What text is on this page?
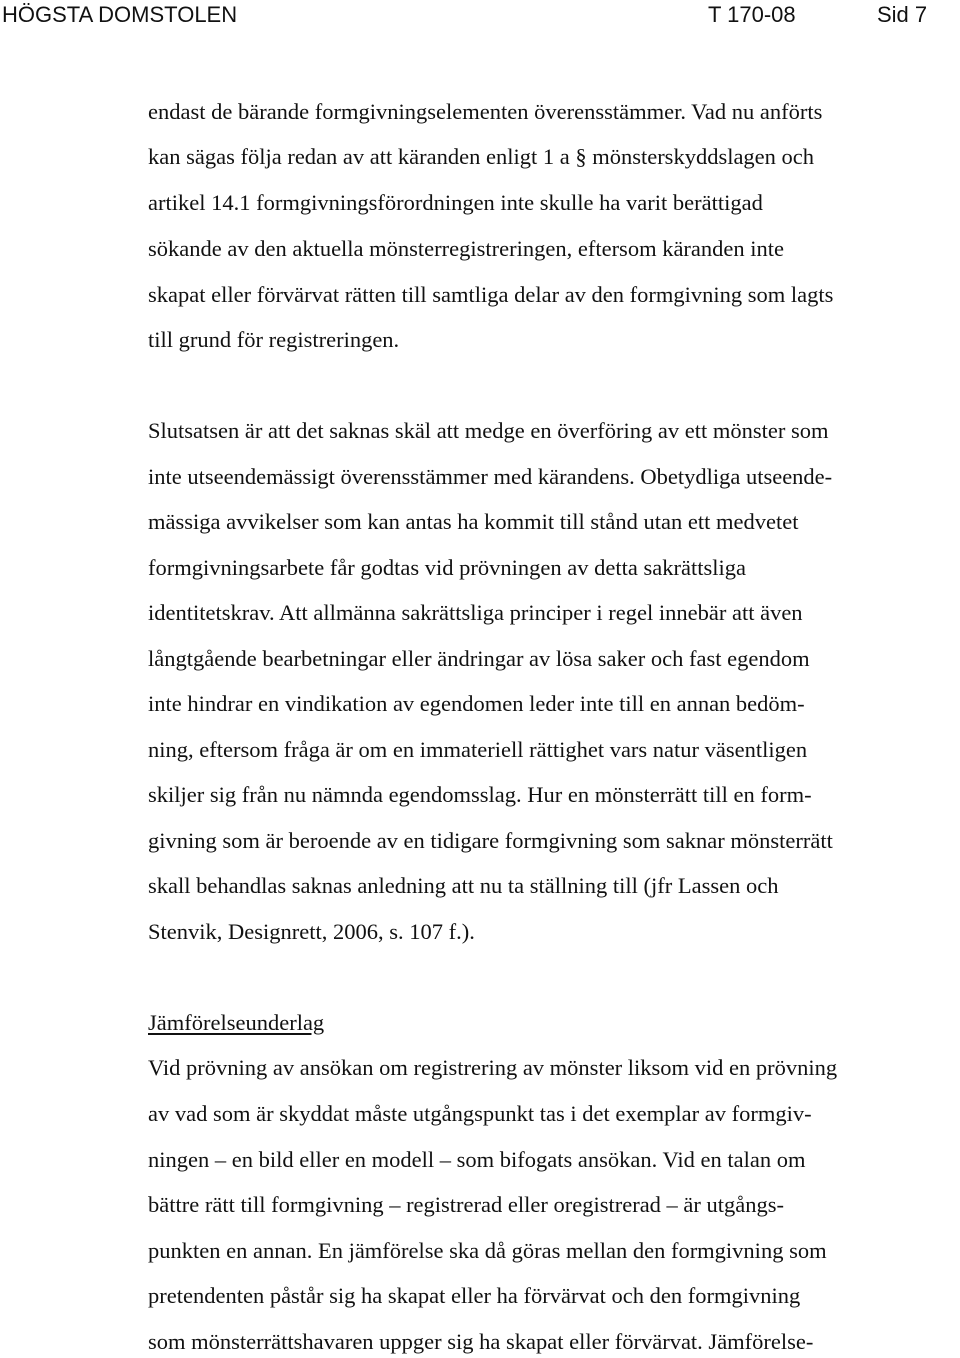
HÖGSTA DOMSTOLEN	T 170-08	Sid 7
endast de bärande formgivningselementen överensstämmer. Vad nu anförts
kan sägas följa redan av att käranden enligt 1 a § mönsterskyddslagen och
artikel 14.1 formgivningsförordningen inte skulle ha varit berättigad
sökande av den aktuella mönsterregistreringen, eftersom käranden inte
skapat eller förvärvat rätten till samtliga delar av den formgivning som lagts
till grund för registreringen.
Slutsatsen är att det saknas skäl att medge en överföring av ett mönster som
inte utseendemässigt överensstämmer med kärandens. Obetydliga utseende-
mässiga avvikelser som kan antas ha kommit till stånd utan ett medvetet
formgivningsarbete får godtas vid prövningen av detta sakrättsliga
identitetskrav. Att allmänna sakrättsliga principer i regel innebär att även
långtgående bearbetningar eller ändringar av lösa saker och fast egendom
inte hindrar en vindikation av egendomen leder inte till en annan bedöm-
ning, eftersom fråga är om en immateriell rättighet vars natur väsentligen
skiljer sig från nu nämnda egendomsslag. Hur en mönsterrätt till en form-
givning som är beroende av en tidigare formgivning som saknar mönsterrätt
skall behandlas saknas anledning att nu ta ställning till (jfr Lassen och
Stenvik, Designrett, 2006, s. 107 f.).
Jämförelseunderlag
Vid prövning av ansökan om registrering av mönster liksom vid en prövning
av vad som är skyddat måste utgångspunkt tas i det exemplar av formgiv-
ningen – en bild eller en modell – som bifogats ansökan. Vid en talan om
bättre rätt till formgivning – registrerad eller oregistrerad – är utgångs-
punkten en annan. En jämförelse ska då göras mellan den formgivning som
pretendenten påstår sig ha skapat eller ha förvärvat och den formgivning
som mönsterrättshavaren uppger sig ha skapat eller förvärvat. Jämförelse-
